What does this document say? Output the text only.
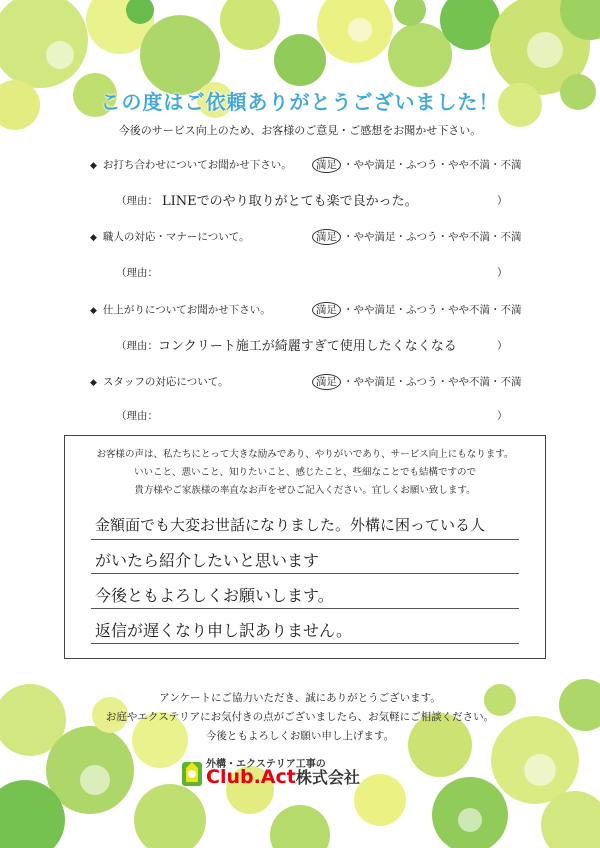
この度はご依頼ありがとうございました！
今後のサービス向上のため、お客様のご意見・ご感想をお聞かせ下さい。
◆ お打ち合わせについてお聞かせ下さい。	満足 ・やや満足・ふつう・やや不満・不満
（理由： LINEでのやり取りがとても楽で良かった。	）
◆ 職人の対応・マナーについて。	満足 ・やや満足・ふつう・やや不満・不満
（理由：	）
◆ 仕上がりについてお聞かせ下さい。	満足 ・やや満足・ふつう・やや不満・不満
（理由： コンクリート施工が綺麗すぎて使用したくなくなる	）
◆ スタッフの対応について。	満足 ・やや満足・ふつう・やや不満・不満
（理由：	）
お客様の声は、私たちにとって大きな励みであり、やりがいであり、サービス向上にもなります。
いいこと、悪いこと、知りたいこと、感じたこと、些細なことでも結構ですので
貴方様やご家族様の率直なお声をぜひご記入ください。宜しくお願い致します。
金額面でも大変お世話になりました。外構に困っている人
がいたら紹介したいと思います
今後ともよろしくお願いします。
返信が遅くなり申し訳ありません。
アンケートにご協力いただき、誠にありがとうございます。
お庭やエクステリアにお気付きの点がございましたら、お気軽にご相談ください。
今後ともよろしくお願い申し上げます。
外構・エクステリア工事の
Club.Act株式会社
